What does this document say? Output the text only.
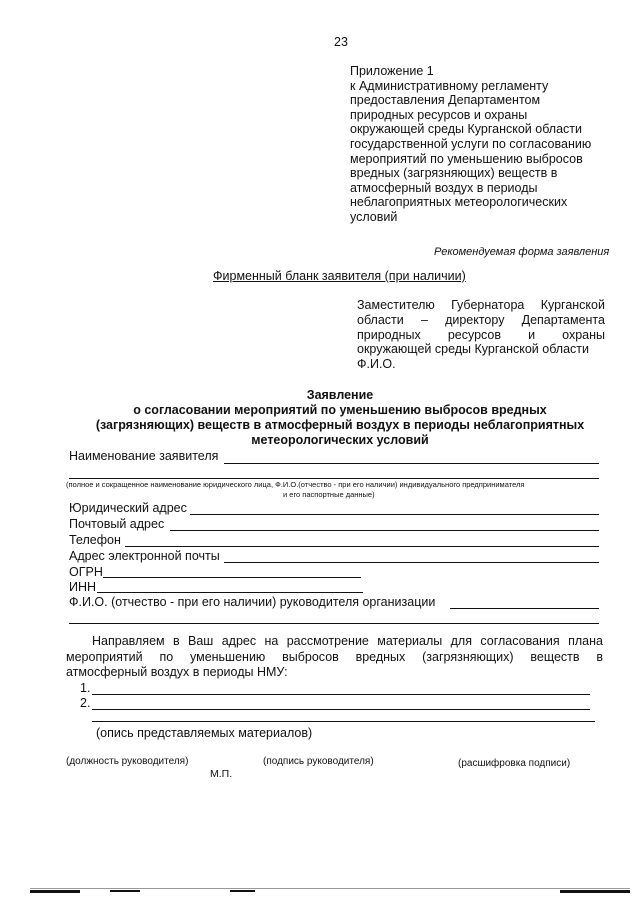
23
Приложение 1
к Административному регламенту
предоставления Департаментом
природных ресурсов и охраны
окружающей среды Курганской области
государственной услуги по согласованию
мероприятий по уменьшению выбросов
вредных (загрязняющих) веществ в
атмосферный воздух в периоды
неблагоприятных метеорологических
условий
Рекомендуемая форма заявления
Фирменный бланк заявителя (при наличии)
Заместителю Губернатора Курганской
области – директору Департамента
природных ресурсов и охраны
окружающей среды Курганской области
Ф.И.О.
Заявление
о согласовании мероприятий по уменьшению выбросов вредных
(загрязняющих) веществ в атмосферный воздух в периоды неблагоприятных
метеорологических условий
Наименование заявителя
(полное и сокращенное наименование юридического лица, Ф.И.О.(отчество - при его наличии) индивидуального предпринимателя
и его паспортные данные)
Юридический адрес
Почтовый адрес
Телефон
Адрес электронной почты
ОГРН
ИНН
Ф.И.О. (отчество - при его наличии) руководителя организации
Направляем в Ваш адрес на рассмотрение материалы для согласования плана
мероприятий по уменьшению выбросов вредных (загрязняющих) веществ в
атмосферный воздух в периоды НМУ:
1.
2.
(опись представляемых материалов)
(должность руководителя)	(подпись руководителя)	(расшифровка подписи)
М.П.
